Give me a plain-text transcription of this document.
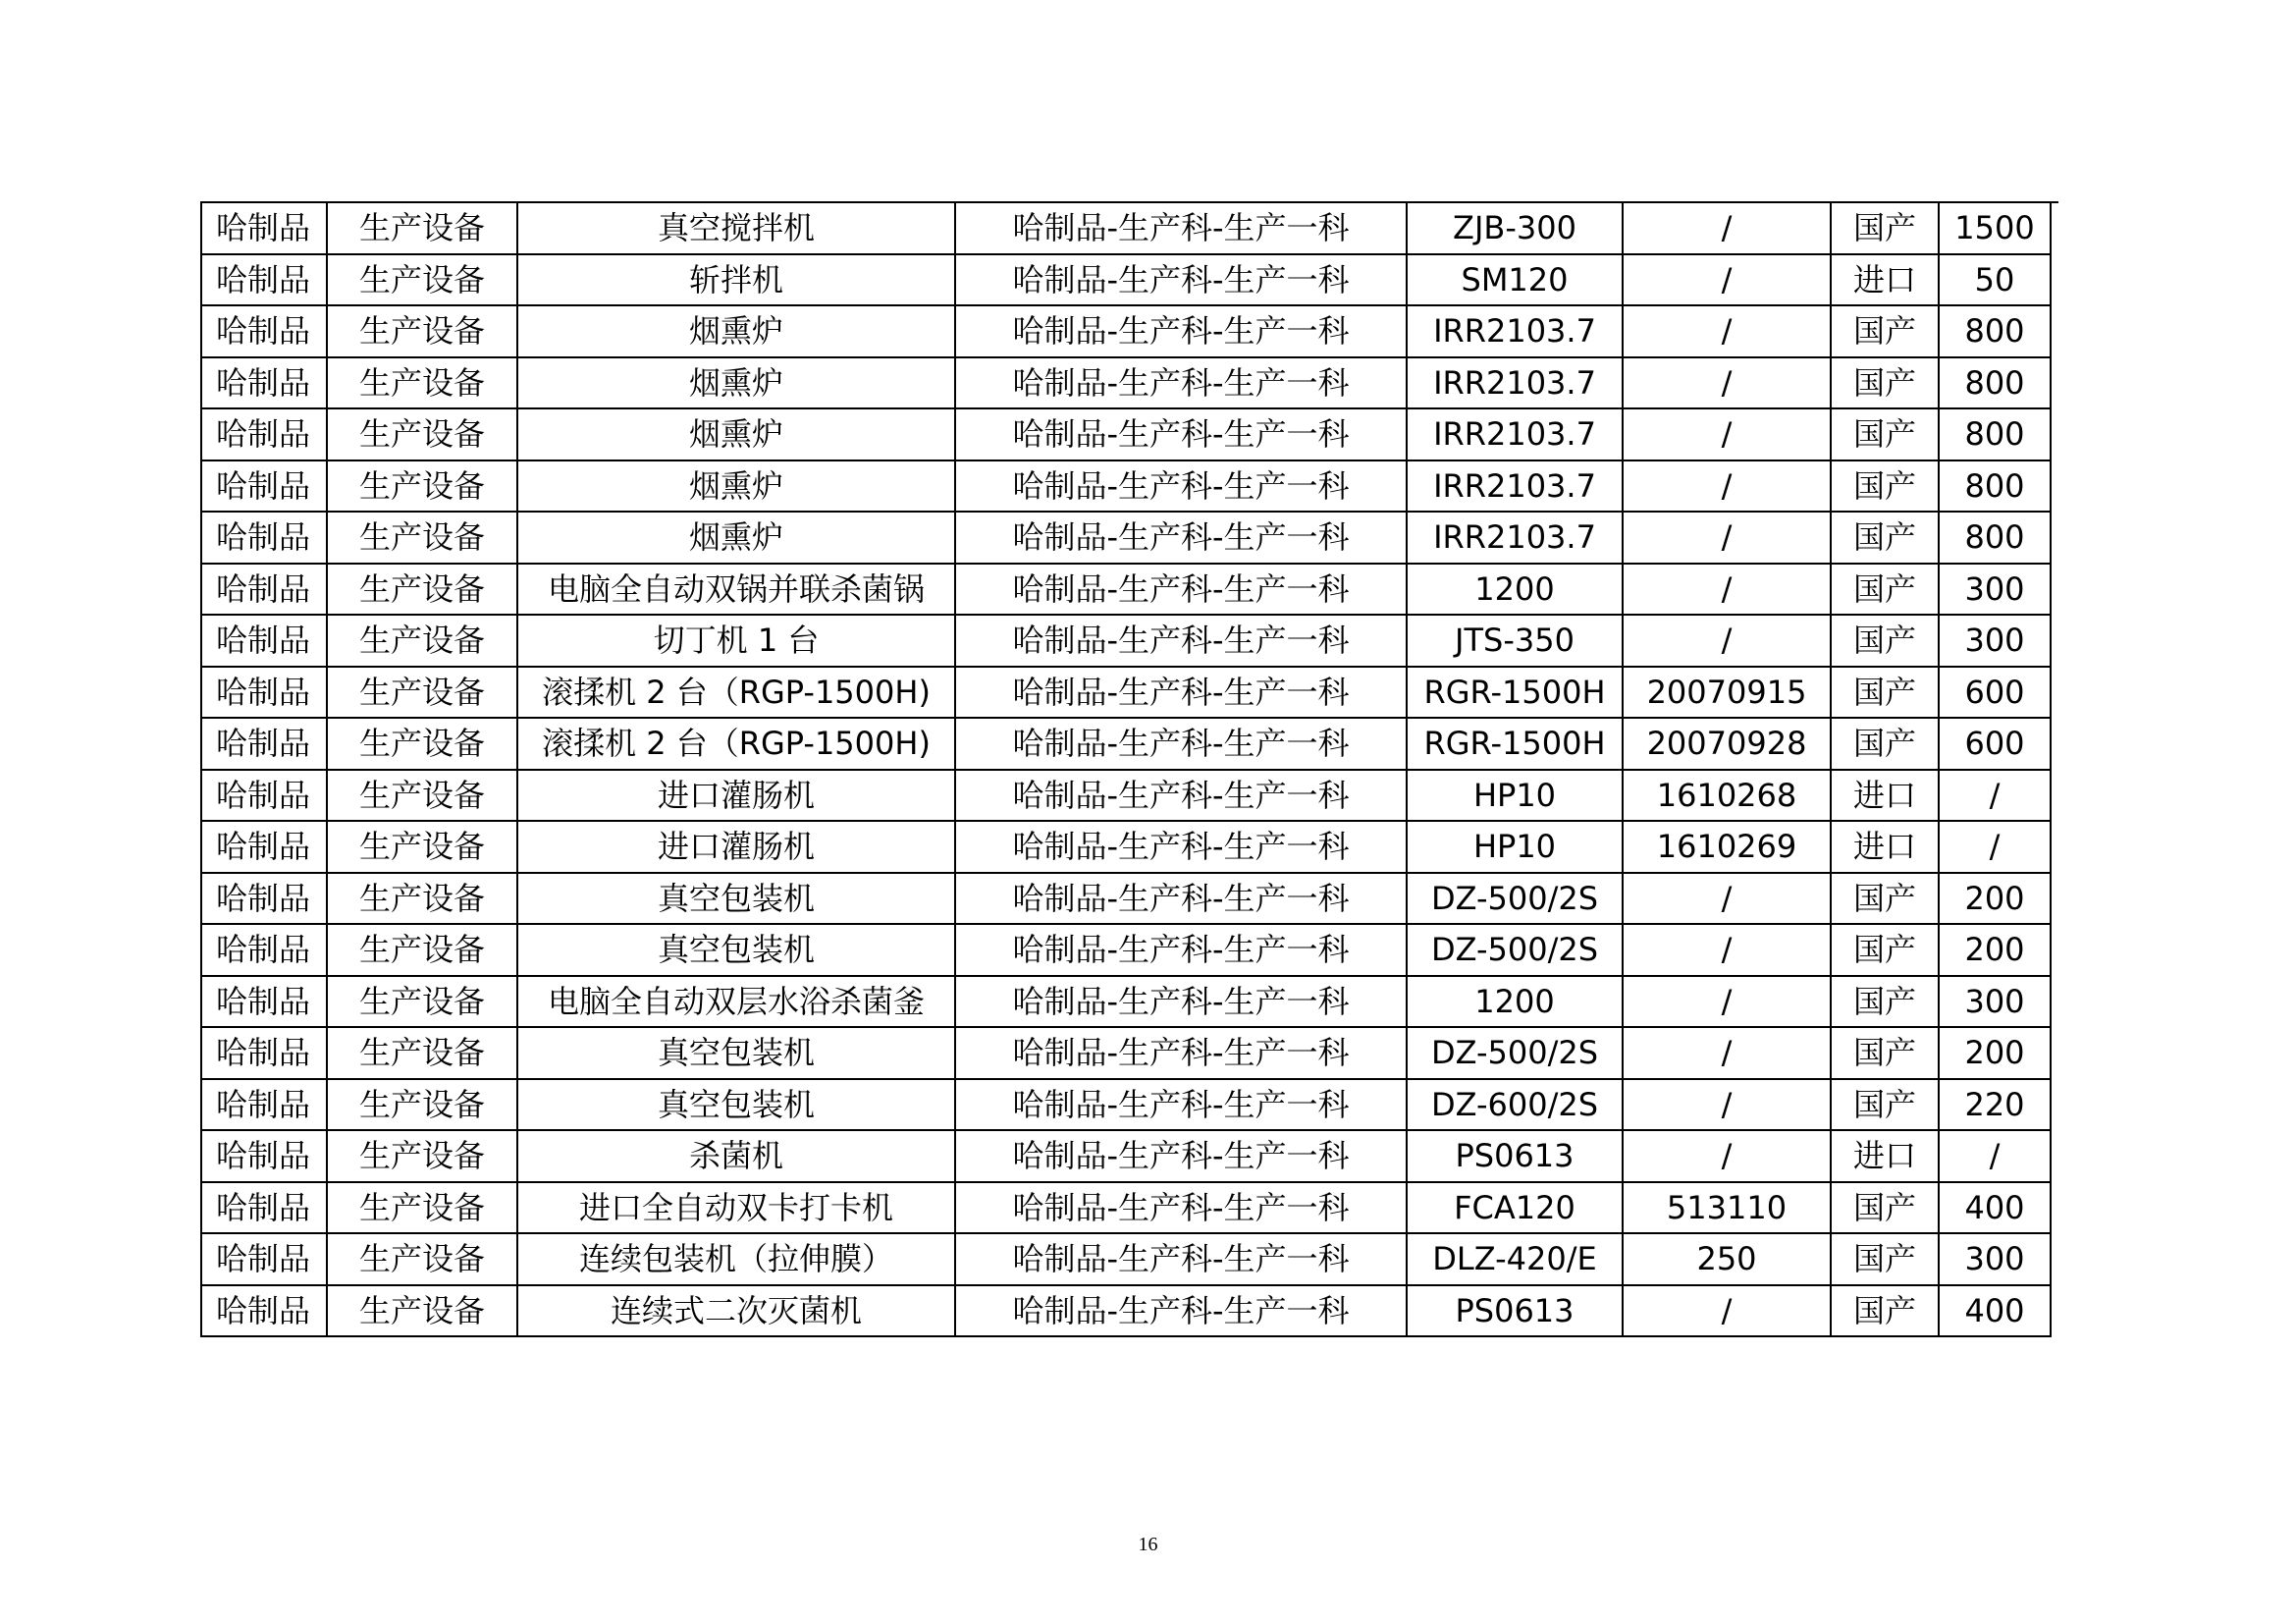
哈制品	生产设备	真空搅拌机	哈制品-生产科-生产一科	ZJB-300	/	国产	1500
哈制品	生产设备	斩拌机	哈制品-生产科-生产一科	SM120	/	进口	50
哈制品	生产设备	烟熏炉	哈制品-生产科-生产一科	IRR2103.7	/	国产	800
哈制品	生产设备	烟熏炉	哈制品-生产科-生产一科	IRR2103.7	/	国产	800
哈制品	生产设备	烟熏炉	哈制品-生产科-生产一科	IRR2103.7	/	国产	800
哈制品	生产设备	烟熏炉	哈制品-生产科-生产一科	IRR2103.7	/	国产	800
哈制品	生产设备	烟熏炉	哈制品-生产科-生产一科	IRR2103.7	/	国产	800
哈制品	生产设备	电脑全自动双锅并联杀菌锅	哈制品-生产科-生产一科	1200	/	国产	300
哈制品	生产设备	切丁机 1 台	哈制品-生产科-生产一科	JTS-350	/	国产	300
哈制品	生产设备	滚揉机 2 台（RGP-1500H)	哈制品-生产科-生产一科	RGR-1500H	20070915	国产	600
哈制品	生产设备	滚揉机 2 台（RGP-1500H)	哈制品-生产科-生产一科	RGR-1500H	20070928	国产	600
哈制品	生产设备	进口灌肠机	哈制品-生产科-生产一科	HP10	1610268	进口	/
哈制品	生产设备	进口灌肠机	哈制品-生产科-生产一科	HP10	1610269	进口	/
哈制品	生产设备	真空包装机	哈制品-生产科-生产一科	DZ-500/2S	/	国产	200
哈制品	生产设备	真空包装机	哈制品-生产科-生产一科	DZ-500/2S	/	国产	200
哈制品	生产设备	电脑全自动双层水浴杀菌釜	哈制品-生产科-生产一科	1200	/	国产	300
哈制品	生产设备	真空包装机	哈制品-生产科-生产一科	DZ-500/2S	/	国产	200
哈制品	生产设备	真空包装机	哈制品-生产科-生产一科	DZ-600/2S	/	国产	220
哈制品	生产设备	杀菌机	哈制品-生产科-生产一科	PS0613	/	进口	/
哈制品	生产设备	进口全自动双卡打卡机	哈制品-生产科-生产一科	FCA120	513110	国产	400
哈制品	生产设备	连续包装机（拉伸膜）	哈制品-生产科-生产一科	DLZ-420/E	250	国产	300
哈制品	生产设备	连续式二次灭菌机	哈制品-生产科-生产一科	PS0613	/	国产	400
16
